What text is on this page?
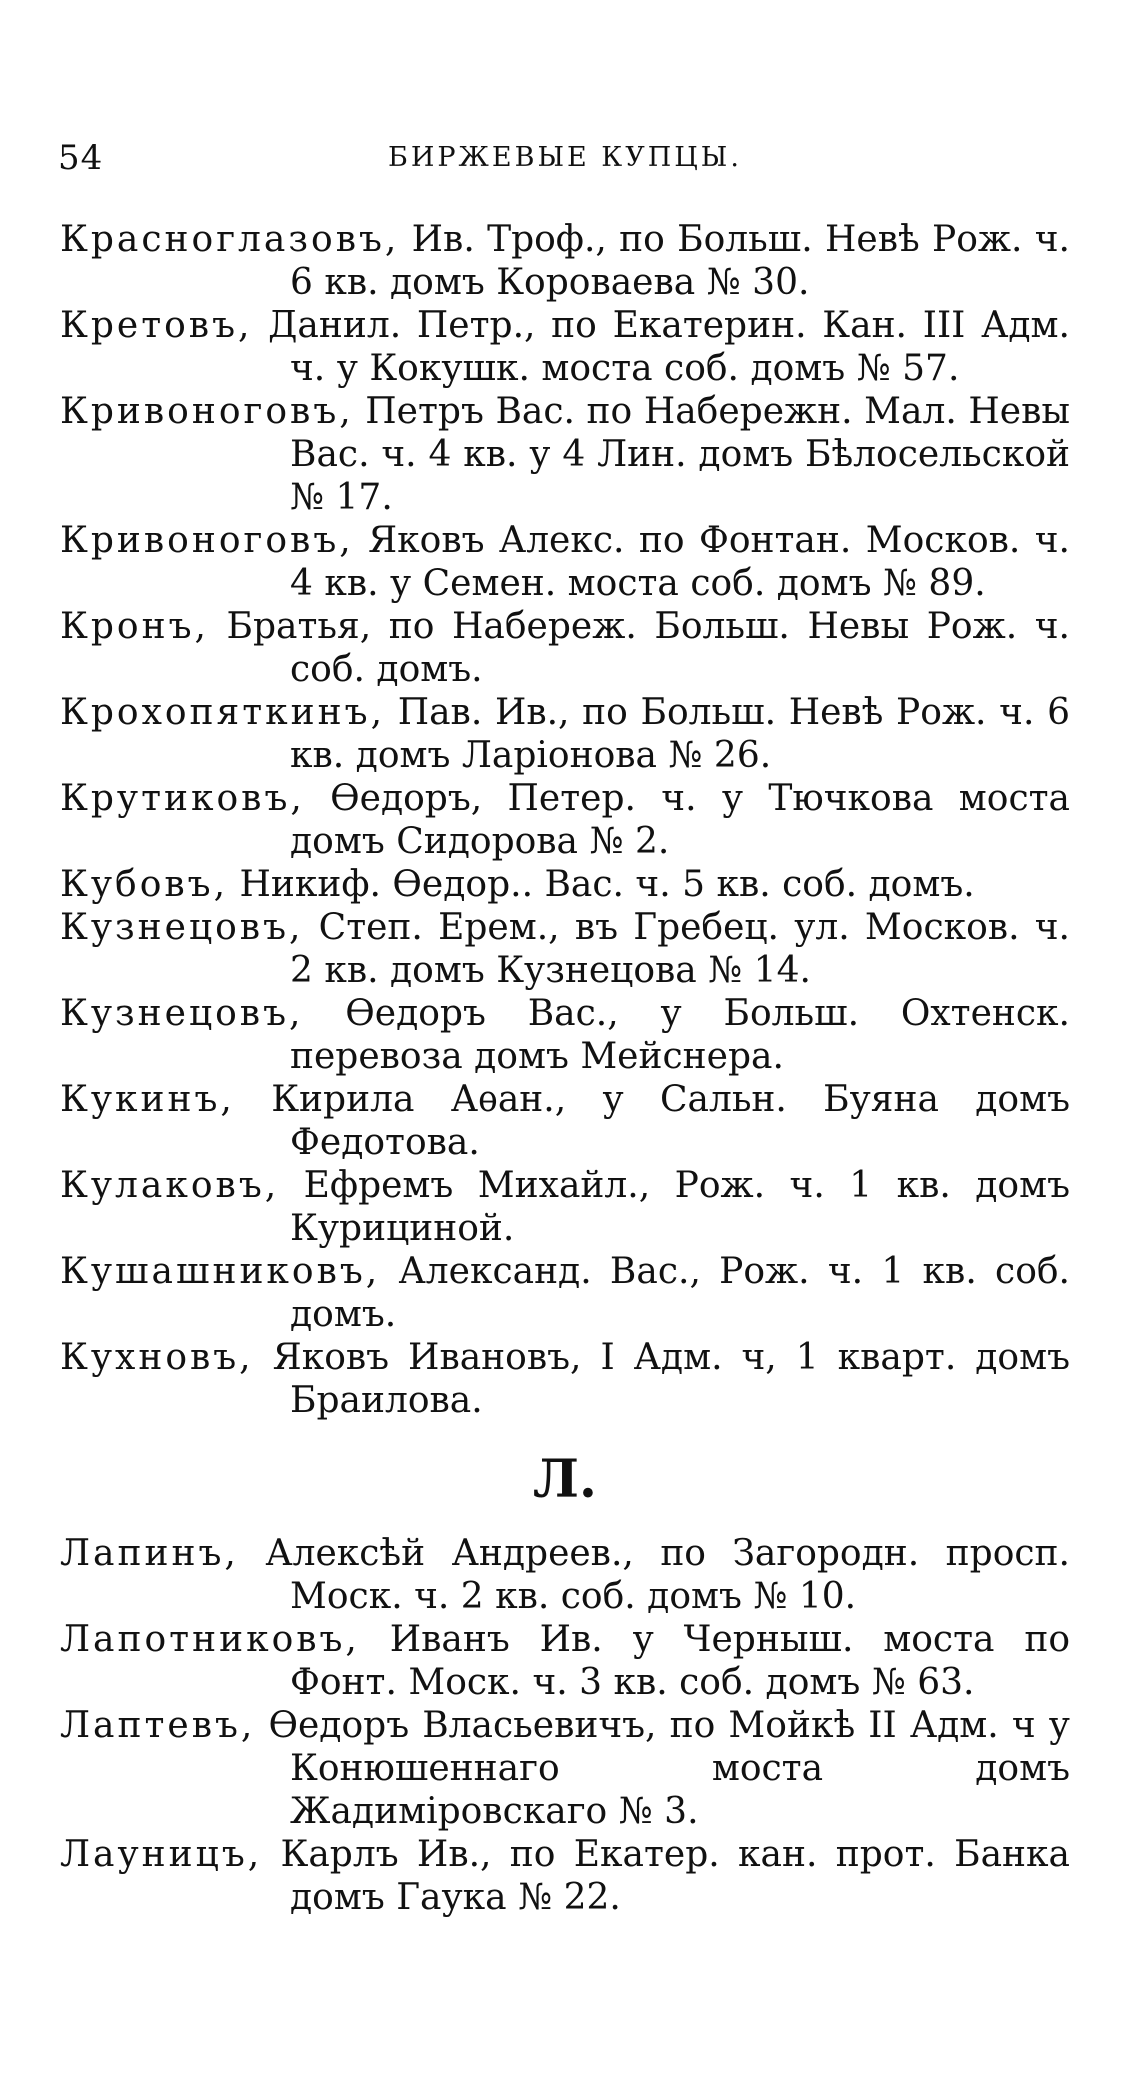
54	БИРЖЕВЫЕ КУПЦЫ.

Красноглазовъ, Ив. Троф., по Больш. Невѣ Рож. ч. 6 кв. домъ Короваева № 30.

Кретовъ, Данил. Петр., по Екатерин. Кан. III Адм. ч. у Кокушк. моста соб. домъ № 57.

Кривоноговъ, Петръ Вас. по Набережн. Мал. Невы Вас. ч. 4 кв. у 4 Лин. домъ Бѣлосельской № 17.

Кривоноговъ, Яковъ Алекс. по Фонтан. Москов. ч. 4 кв. у Семен. моста соб. домъ № 89.

Кронъ, Братья, по Набереж. Больш. Невы Рож. ч. соб. домъ.

Крохопяткинъ, Пав. Ив., по Больш. Невѣ Рож. ч. 6 кв. домъ Ларіонова № 26.

Крутиковъ, Ѳедоръ, Петер. ч. у Тючкова моста домъ Сидорова № 2.

Кубовъ, Никиф. Ѳедор.. Вас. ч. 5 кв. соб. домъ.

Кузнецовъ, Степ. Ерем., въ Гребец. ул. Москов. ч. 2 кв. домъ Кузнецова № 14.

Кузнецовъ, Ѳедоръ Вас., у Больш. Охтенск. перевоза домъ Мейснера.

Кукинъ, Кирила Аѳан., у Сальн. Буяна домъ Федотова.

Кулаковъ, Ефремъ Михайл., Рож. ч. 1 кв. домъ Курициной.

Кушашниковъ, Александ. Вас., Рож. ч. 1 кв. соб. домъ.

Кухновъ, Яковъ Ивановъ, I Адм. ч, 1 кварт. домъ Браилова.

Л.

Лапинъ, Алексѣй Андреев., по Загородн. просп. Моск. ч. 2 кв. соб. домъ № 10.

Лапотниковъ, Иванъ Ив. у Черныш. моста по Фонт. Моск. ч. 3 кв. соб. домъ № 63.

Лаптевъ, Ѳедоръ Власьевичъ, по Мойкѣ II Адм. ч у Конюшеннаго моста домъ Жадиміровскаго № 3.

Лауницъ, Карлъ Ив., по Екатер. кан. прот. Банка домъ Гаука № 22.
